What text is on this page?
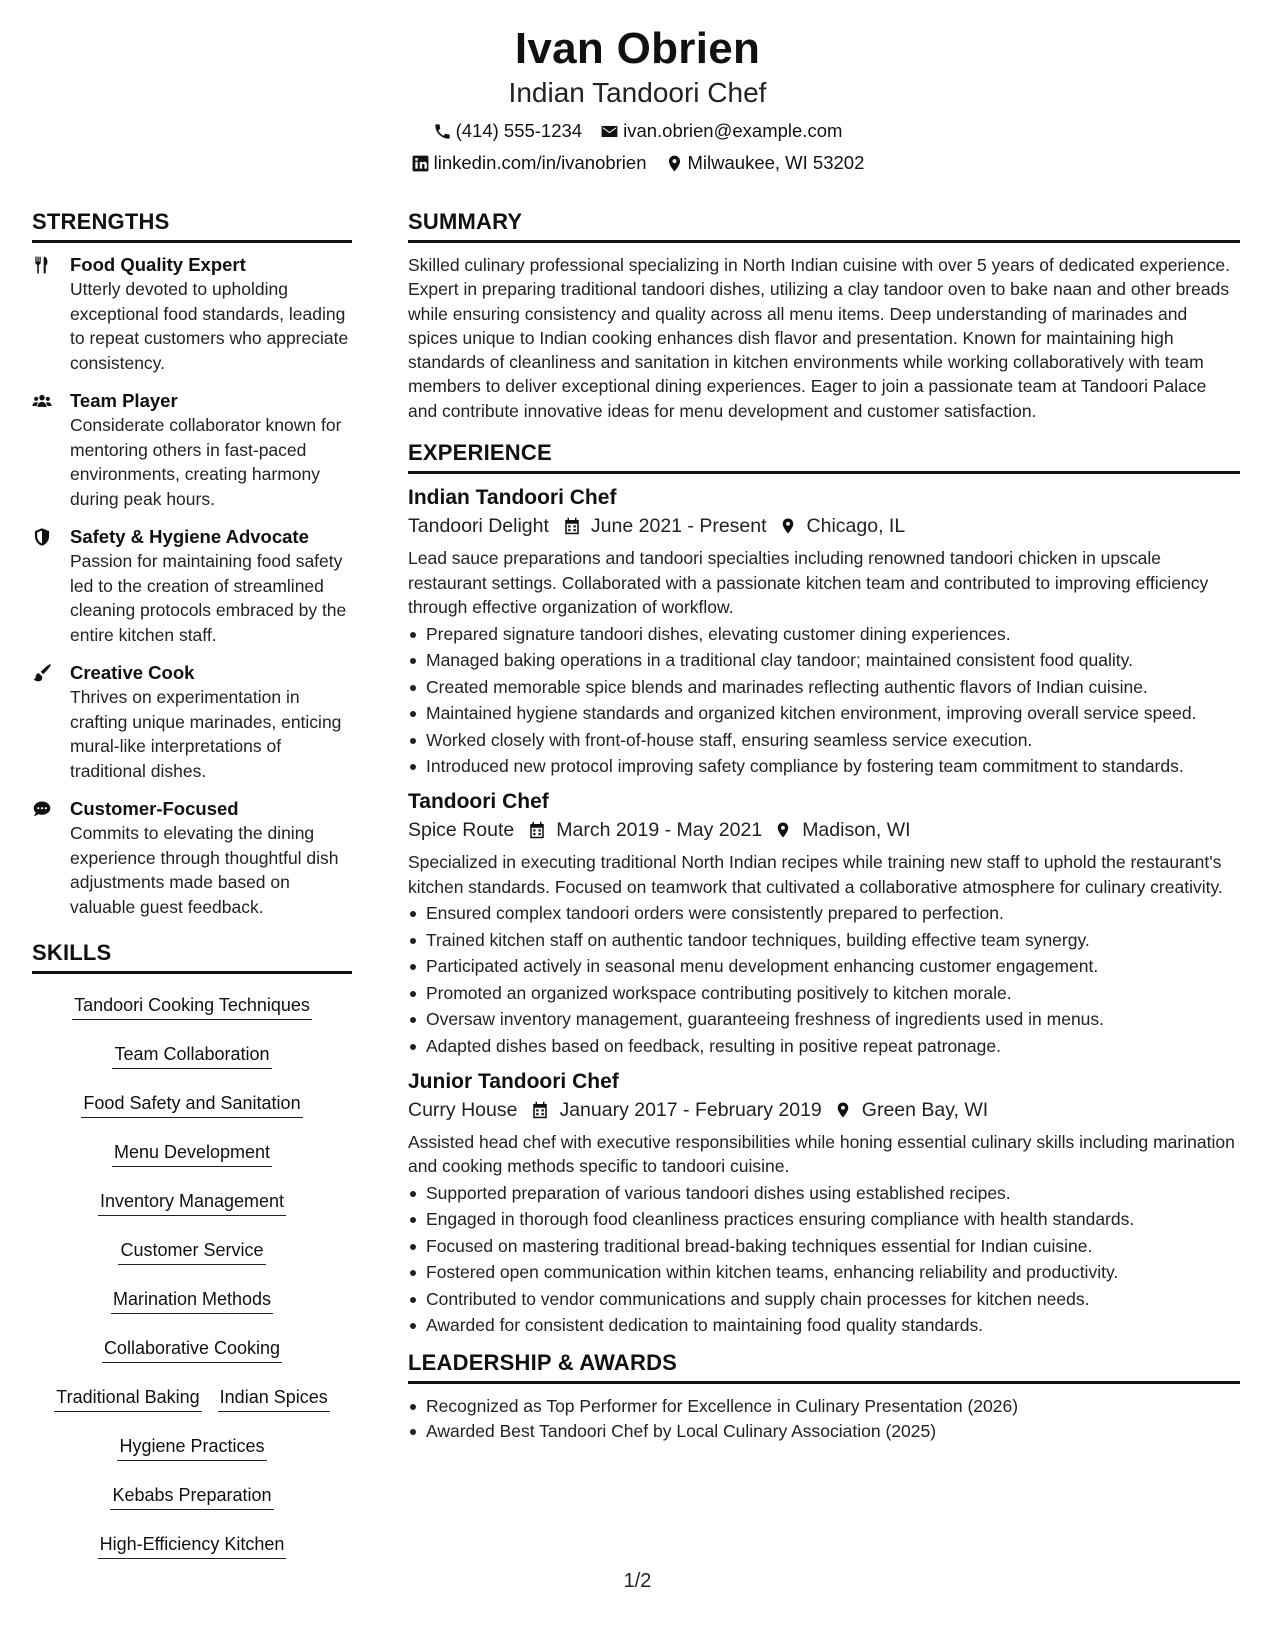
Ivan Obrien
Indian Tandoori Chef
(414) 555-1234 ivan.obrien@example.com
linkedin.com/in/ivanobrien Milwaukee, WI 53202
STRENGTHS
Food Quality Expert
Utterly devoted to upholding exceptional food standards, leading to repeat customers who appreciate consistency.
Team Player
Considerate collaborator known for mentoring others in fast-paced environments, creating harmony during peak hours.
Safety & Hygiene Advocate
Passion for maintaining food safety led to the creation of streamlined cleaning protocols embraced by the entire kitchen staff.
Creative Cook
Thrives on experimentation in crafting unique marinades, enticing mural-like interpretations of traditional dishes.
Customer-Focused
Commits to elevating the dining experience through thoughtful dish adjustments made based on valuable guest feedback.
SKILLS
Tandoori Cooking Techniques
Team Collaboration
Food Safety and Sanitation
Menu Development
Inventory Management
Customer Service
Marination Methods
Collaborative Cooking
Traditional Baking Indian Spices
Hygiene Practices
Kebabs Preparation
High-Efficiency Kitchen
SUMMARY
Skilled culinary professional specializing in North Indian cuisine with over 5 years of dedicated experience. Expert in preparing traditional tandoori dishes, utilizing a clay tandoor oven to bake naan and other breads while ensuring consistency and quality across all menu items. Deep understanding of marinades and spices unique to Indian cooking enhances dish flavor and presentation. Known for maintaining high standards of cleanliness and sanitation in kitchen environments while working collaboratively with team members to deliver exceptional dining experiences. Eager to join a passionate team at Tandoori Palace and contribute innovative ideas for menu development and customer satisfaction.
EXPERIENCE
Indian Tandoori Chef
Tandoori Delight June 2021 - Present Chicago, IL
Lead sauce preparations and tandoori specialties including renowned tandoori chicken in upscale restaurant settings. Collaborated with a passionate kitchen team and contributed to improving efficiency through effective organization of workflow.
Prepared signature tandoori dishes, elevating customer dining experiences.
Managed baking operations in a traditional clay tandoor; maintained consistent food quality.
Created memorable spice blends and marinades reflecting authentic flavors of Indian cuisine.
Maintained hygiene standards and organized kitchen environment, improving overall service speed.
Worked closely with front-of-house staff, ensuring seamless service execution.
Introduced new protocol improving safety compliance by fostering team commitment to standards.
Tandoori Chef
Spice Route March 2019 - May 2021 Madison, WI
Specialized in executing traditional North Indian recipes while training new staff to uphold the restaurant's kitchen standards. Focused on teamwork that cultivated a collaborative atmosphere for culinary creativity.
Ensured complex tandoori orders were consistently prepared to perfection.
Trained kitchen staff on authentic tandoor techniques, building effective team synergy.
Participated actively in seasonal menu development enhancing customer engagement.
Promoted an organized workspace contributing positively to kitchen morale.
Oversaw inventory management, guaranteeing freshness of ingredients used in menus.
Adapted dishes based on feedback, resulting in positive repeat patronage.
Junior Tandoori Chef
Curry House January 2017 - February 2019 Green Bay, WI
Assisted head chef with executive responsibilities while honing essential culinary skills including marination and cooking methods specific to tandoori cuisine.
Supported preparation of various tandoori dishes using established recipes.
Engaged in thorough food cleanliness practices ensuring compliance with health standards.
Focused on mastering traditional bread-baking techniques essential for Indian cuisine.
Fostered open communication within kitchen teams, enhancing reliability and productivity.
Contributed to vendor communications and supply chain processes for kitchen needs.
Awarded for consistent dedication to maintaining food quality standards.
LEADERSHIP & AWARDS
Recognized as Top Performer for Excellence in Culinary Presentation (2026)
Awarded Best Tandoori Chef by Local Culinary Association (2025)
1/2
